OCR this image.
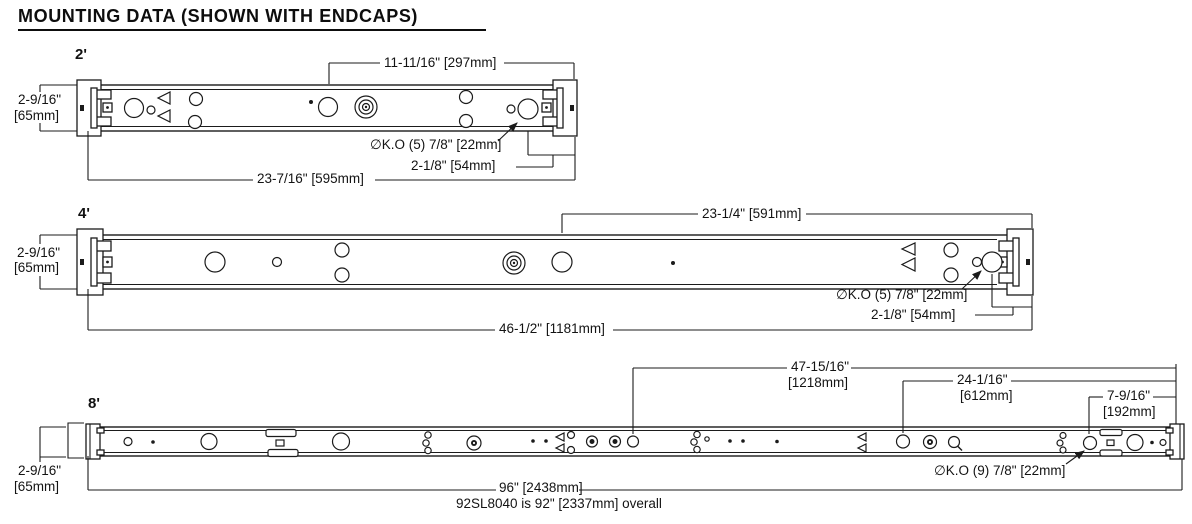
MOUNTING DATA (SHOWN WITH ENDCAPS)
2'
2-9/16"
[65mm]
11-11/16" [297mm]
∅K.O (5) 7/8" [22mm]
2-1/8" [54mm]
23-7/16" [595mm]
4'
2-9/16"
[65mm]
23-1/4" [591mm]
∅K.O (5) 7/8" [22mm]
2-1/8" [54mm]
46-1/2" [1181mm]
8'
2-9/16"
[65mm]
47-15/16"
[1218mm]	24-1/16"
[612mm]	7-9/16"
[192mm]
∅K.O (9) 7/8" [22mm]
96" [2438mm]
92SL8040 is 92" [2337mm] overall
